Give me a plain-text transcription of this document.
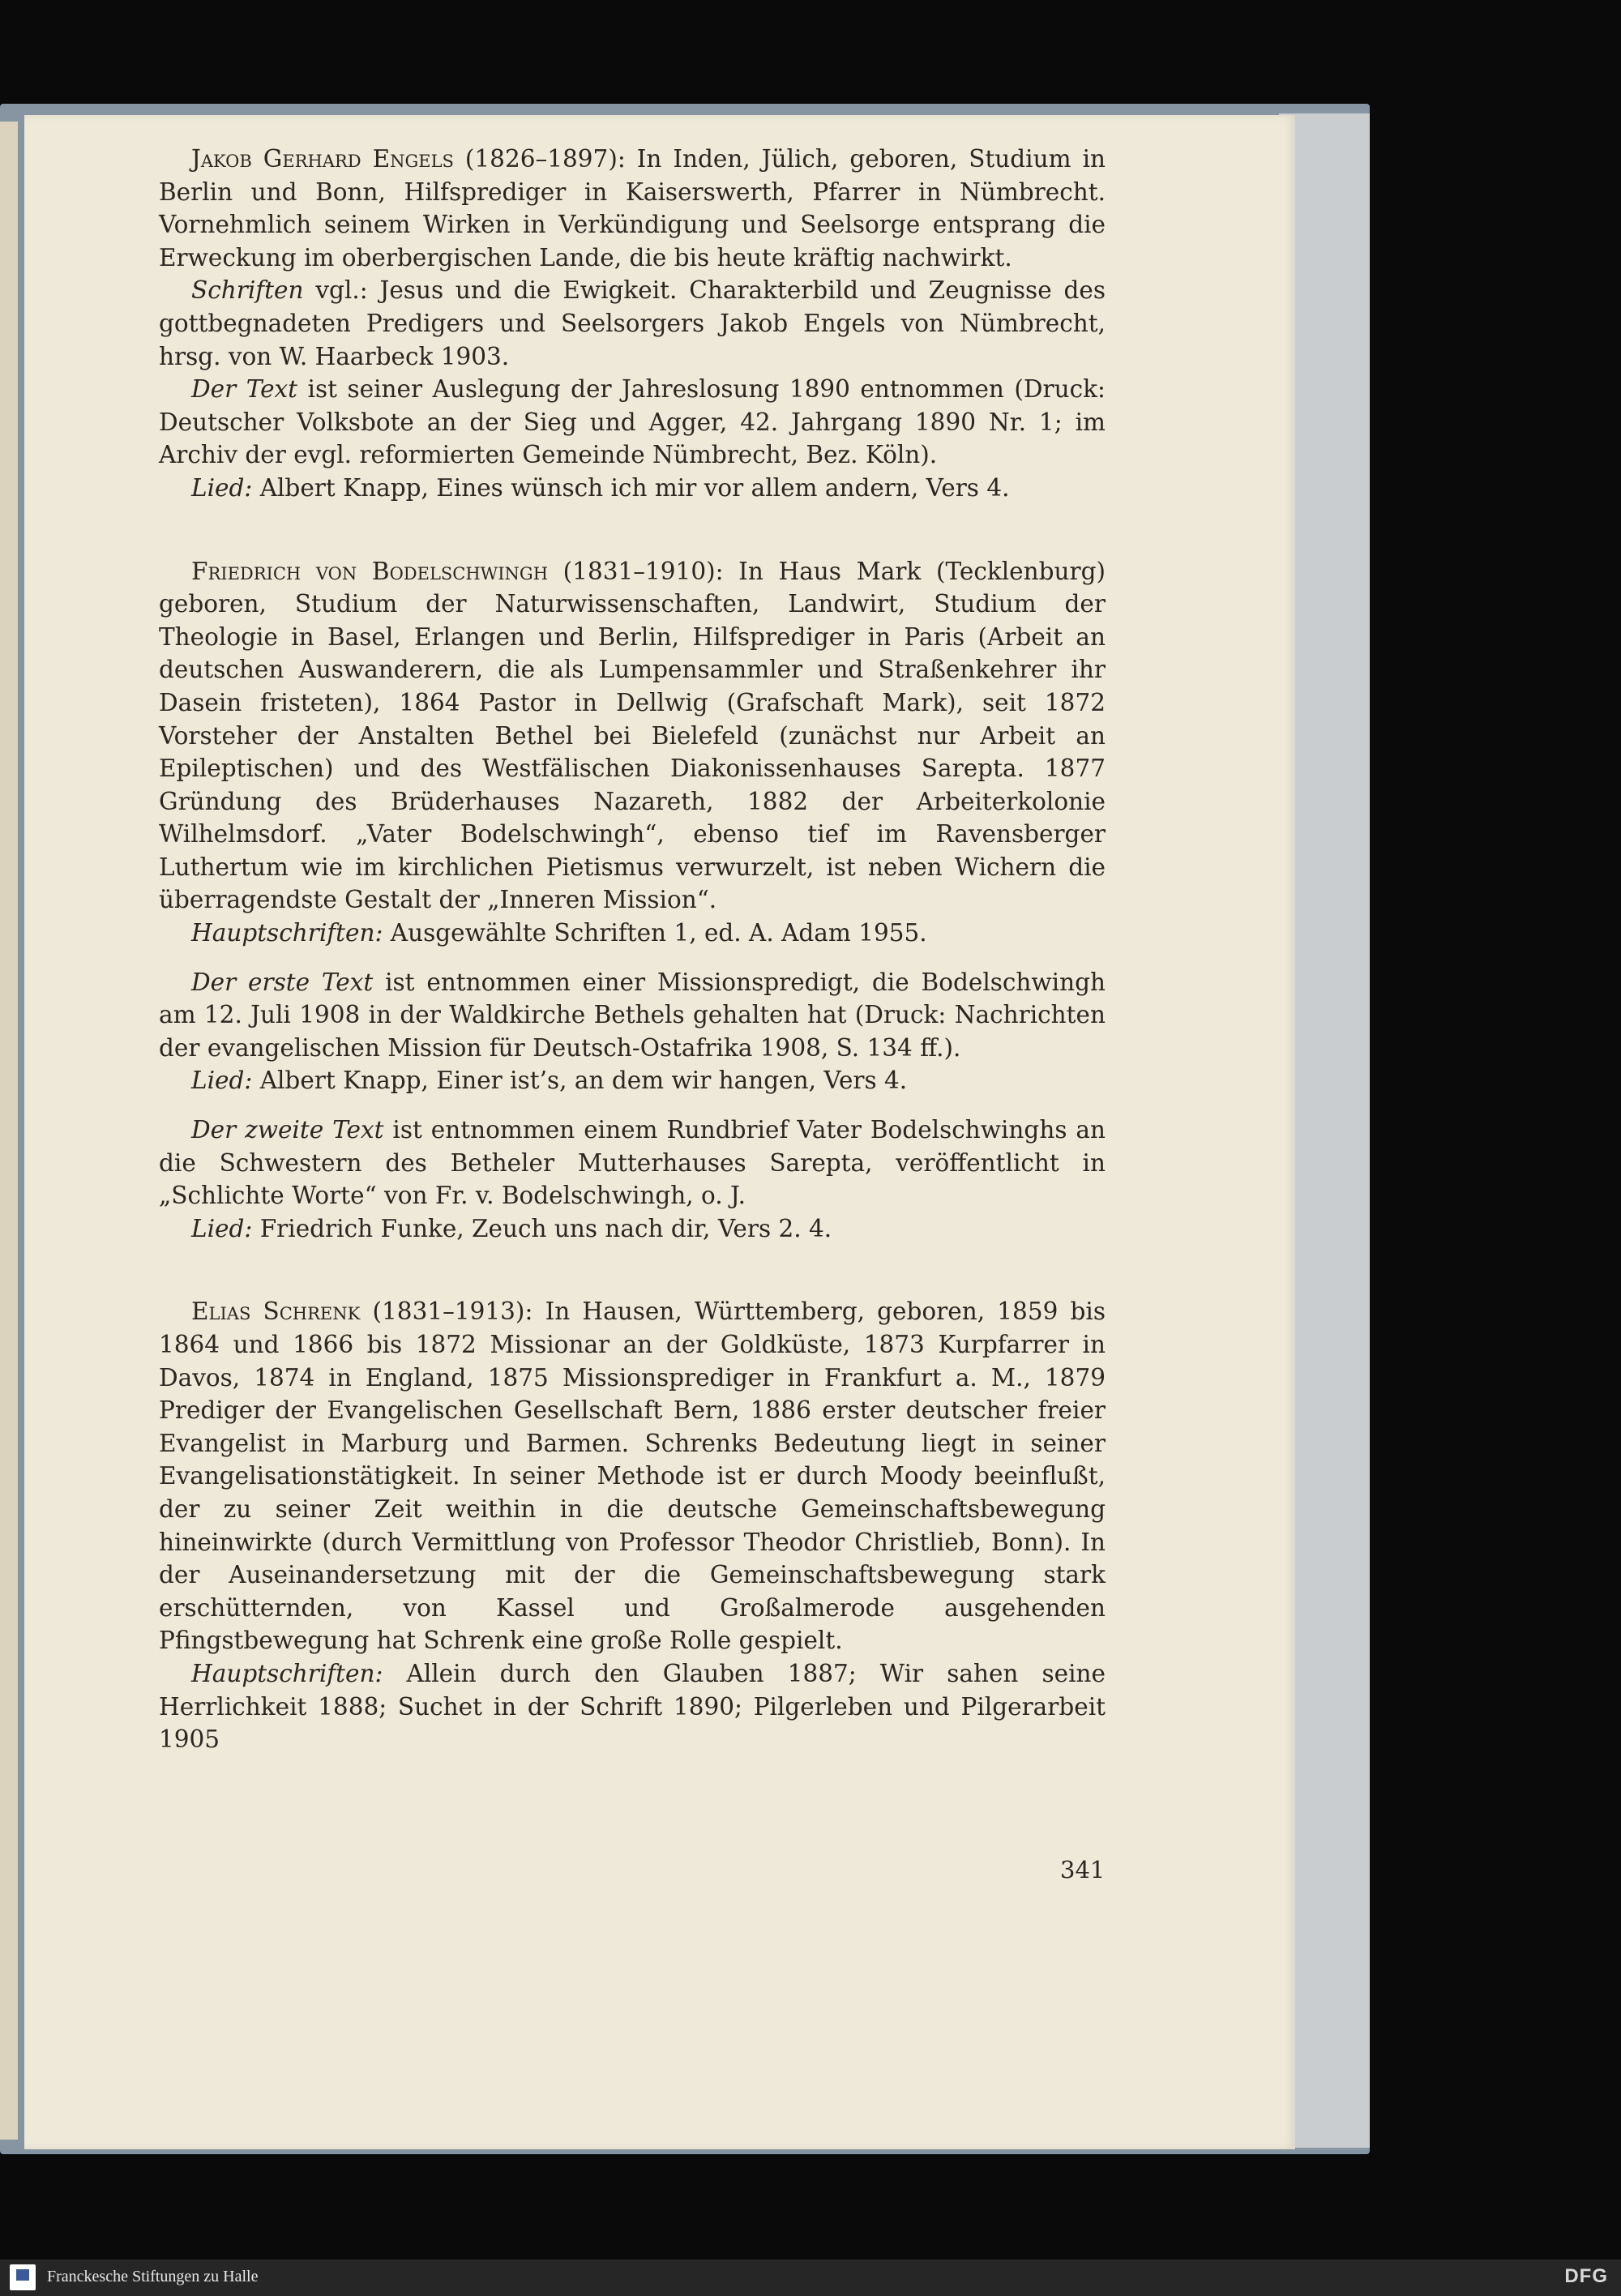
Jakob Gerhard Engels (1826–1897): In Inden, Jülich, geboren, Studium in Berlin und Bonn, Hilfsprediger in Kaiserswerth, Pfarrer in Nümbrecht. Vornehmlich seinem Wirken in Verkündigung und Seelsorge entsprang die Erweckung im oberbergischen Lande, die bis heute kräftig nachwirkt.

Schriften vgl.: Jesus und die Ewigkeit. Charakterbild und Zeugnisse des gottbegnadeten Predigers und Seelsorgers Jakob Engels von Nümbrecht, hrsg. von W. Haarbeck 1903.

Der Text ist seiner Auslegung der Jahreslosung 1890 entnommen (Druck: Deutscher Volksbote an der Sieg und Agger, 42. Jahrgang 1890 Nr. 1; im Archiv der evgl. reformierten Gemeinde Nümbrecht, Bez. Köln).

Lied: Albert Knapp, Eines wünsch ich mir vor allem andern, Vers 4.

Friedrich von Bodelschwingh (1831–1910): In Haus Mark (Tecklenburg) geboren, Studium der Naturwissenschaften, Landwirt, Studium der Theologie in Basel, Erlangen und Berlin, Hilfsprediger in Paris (Arbeit an deutschen Auswanderern, die als Lumpensammler und Straßenkehrer ihr Dasein fristeten), 1864 Pastor in Dellwig (Grafschaft Mark), seit 1872 Vorsteher der Anstalten Bethel bei Bielefeld (zunächst nur Arbeit an Epileptischen) und des Westfälischen Diakonissenhauses Sarepta. 1877 Gründung des Brüderhauses Nazareth, 1882 der Arbeiterkolonie Wilhelmsdorf. „Vater Bodelschwingh“, ebenso tief im Ravensberger Luthertum wie im kirchlichen Pietismus verwurzelt, ist neben Wichern die überragendste Gestalt der „Inneren Mission“.

Hauptschriften: Ausgewählte Schriften 1, ed. A. Adam 1955.

Der erste Text ist entnommen einer Missionspredigt, die Bodelschwingh am 12. Juli 1908 in der Waldkirche Bethels gehalten hat (Druck: Nachrichten der evangelischen Mission für Deutsch-Ostafrika 1908, S. 134 ff.).

Lied: Albert Knapp, Einer ist’s, an dem wir hangen, Vers 4.

Der zweite Text ist entnommen einem Rundbrief Vater Bodelschwinghs an die Schwestern des Betheler Mutterhauses Sarepta, veröffentlicht in „Schlichte Worte“ von Fr. v. Bodelschwingh, o. J.

Lied: Friedrich Funke, Zeuch uns nach dir, Vers 2. 4.

Elias Schrenk (1831–1913): In Hausen, Württemberg, geboren, 1859 bis 1864 und 1866 bis 1872 Missionar an der Goldküste, 1873 Kurpfarrer in Davos, 1874 in England, 1875 Missionsprediger in Frankfurt a. M., 1879 Prediger der Evangelischen Gesellschaft Bern, 1886 erster deutscher freier Evangelist in Marburg und Barmen. Schrenks Bedeutung liegt in seiner Evangelisationstätigkeit. In seiner Methode ist er durch Moody beeinflußt, der zu seiner Zeit weithin in die deutsche Gemeinschaftsbewegung hineinwirkte (durch Vermittlung von Professor Theodor Christlieb, Bonn). In der Auseinandersetzung mit der die Gemeinschaftsbewegung stark erschütternden, von Kassel und Großalmerode ausgehenden Pfingstbewegung hat Schrenk eine große Rolle gespielt.

Hauptschriften: Allein durch den Glauben 1887; Wir sahen seine Herrlichkeit 1888; Suchet in der Schrift 1890; Pilgerleben und Pilgerarbeit 1905

341
Franckesche Stiftungen zu Halle	DFG
